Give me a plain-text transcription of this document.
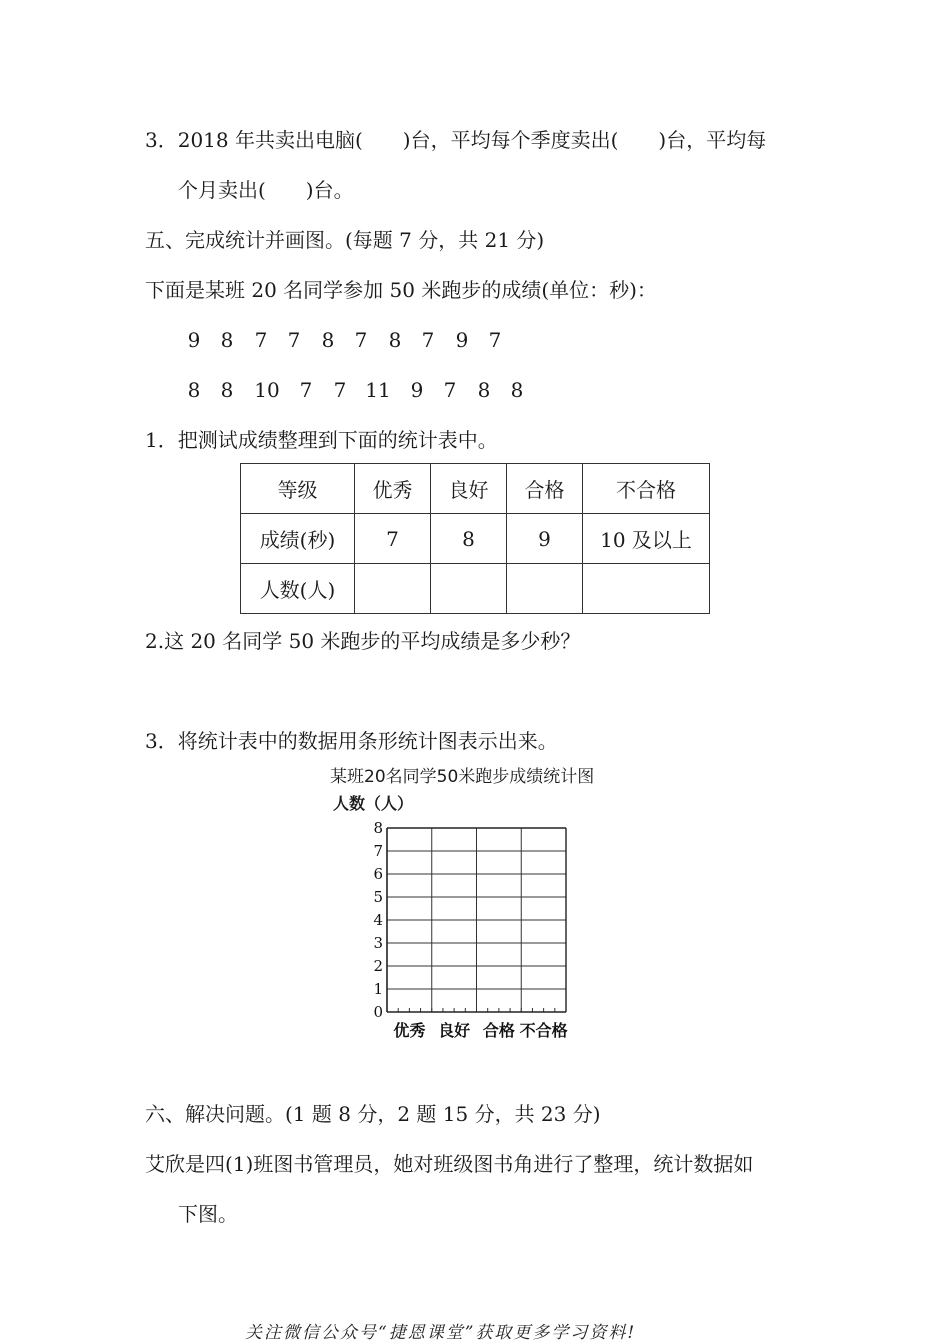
3．2018 年共卖出电脑(　　)台，平均每个季度卖出(　　)台，平均每
个月卖出(　　)台。
五、完成统计并画图。(每题 7 分，共 21 分)
下面是某班 20 名同学参加 50 米跑步的成绩(单位：秒)：
9	8	7	7	8	7	8	7	9	7
8	8	10 7	7 11 9	7	8	8
1．把测试成绩整理到下面的统计表中。
等级	优秀	良好	合格	不合格
成绩(秒)	7	8	9	10 及以上
人数(人)				
2.这 20 名同学 50 米跑步的平均成绩是多少秒？
3．将统计表中的数据用条形统计图表示出来。
某班20名同学50米跑步成绩统计图
人数（人）
0
1
2
3
4
5
6
7
8
优秀 良好 合格 不合格
六、解决问题。(1 题 8 分，2 题 15 分，共 23 分)
艾欣是四(1)班图书管理员，她对班级图书角进行了整理，统计数据如
下图。
关注微信公众号“捷恩课堂”获取更多学习资料!
